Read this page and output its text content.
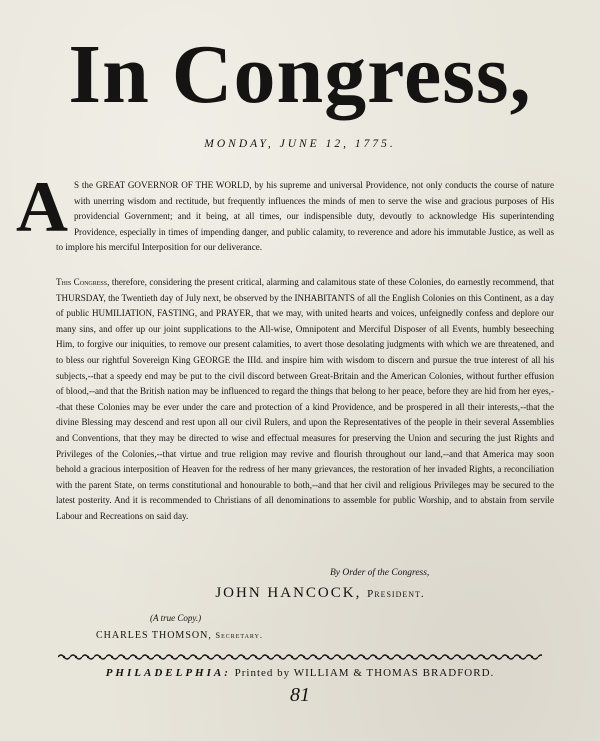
In Congress,
MONDAY, JUNE 12, 1775.
A S the GREAT GOVERNOR OF THE WORLD, by his supreme and universal Providence, not only conducts the course of nature with unerring wisdom and rectitude, but frequently influences the minds of men to serve the wise and gracious purposes of His providencial Government; and it being, at all times, our indispensible duty, devoutly to acknowledge His superintending Providence, especially in times of impending danger, and public calamity, to reverence and adore his immutable Justice, as well as to implore his merciful Interposition for our deliverance.
This Congress, therefore, considering the present critical, alarming and calamitous state of these Colonies, do earnestly recommend, that THURSDAY, the Twentieth day of July next, be observed by the INHABITANTS of all the English Colonies on this Continent, as a day of public HUMILIATION, FASTING, and PRAYER, that we may, with united hearts and voices, unfeignedly confess and deplore our many sins, and offer up our joint supplications to the All-wise, Omnipotent and Merciful Disposer of all Events, humbly beseeching Him, to forgive our iniquities, to remove our present calamities, to avert those desolating judgments with which we are threatened, and to bless our rightful Sovereign King GEORGE the IIId. and inspire him with wisdom to discern and pursue the true interest of all his subjects,--that a speedy end may be put to the civil discord between Great-Britain and the American Colonies, without further effusion of blood,--and that the British nation may be influenced to regard the things that belong to her peace, before they are hid from her eyes,--that these Colonies may be ever under the care and protection of a kind Providence, and be prospered in all their interests,--that the divine Blessing may descend and rest upon all our civil Rulers, and upon the Representatives of the people in their several Assemblies and Conventions, that they may be directed to wise and effectual measures for preserving the Union and securing the just Rights and Privileges of the Colonies,--that virtue and true religion may revive and flourish throughout our land,--and that America may soon behold a gracious interposition of Heaven for the redress of her many grievances, the restoration of her invaded Rights, a reconciliation with the parent State, on terms constitutional and honourable to both,--and that her civil and religious Privileges may be secured to the latest posterity. And it is recommended to Christians of all denominations to assemble for public Worship, and to abstain from servile Labour and Recreations on said day.
By Order of the Congress,
JOHN HANCOCK, President.
(A true Copy.)
CHARLES THOMSON, Secretary.
PHILADELPHIA: Printed by WILLIAM & THOMAS BRADFORD.
81
